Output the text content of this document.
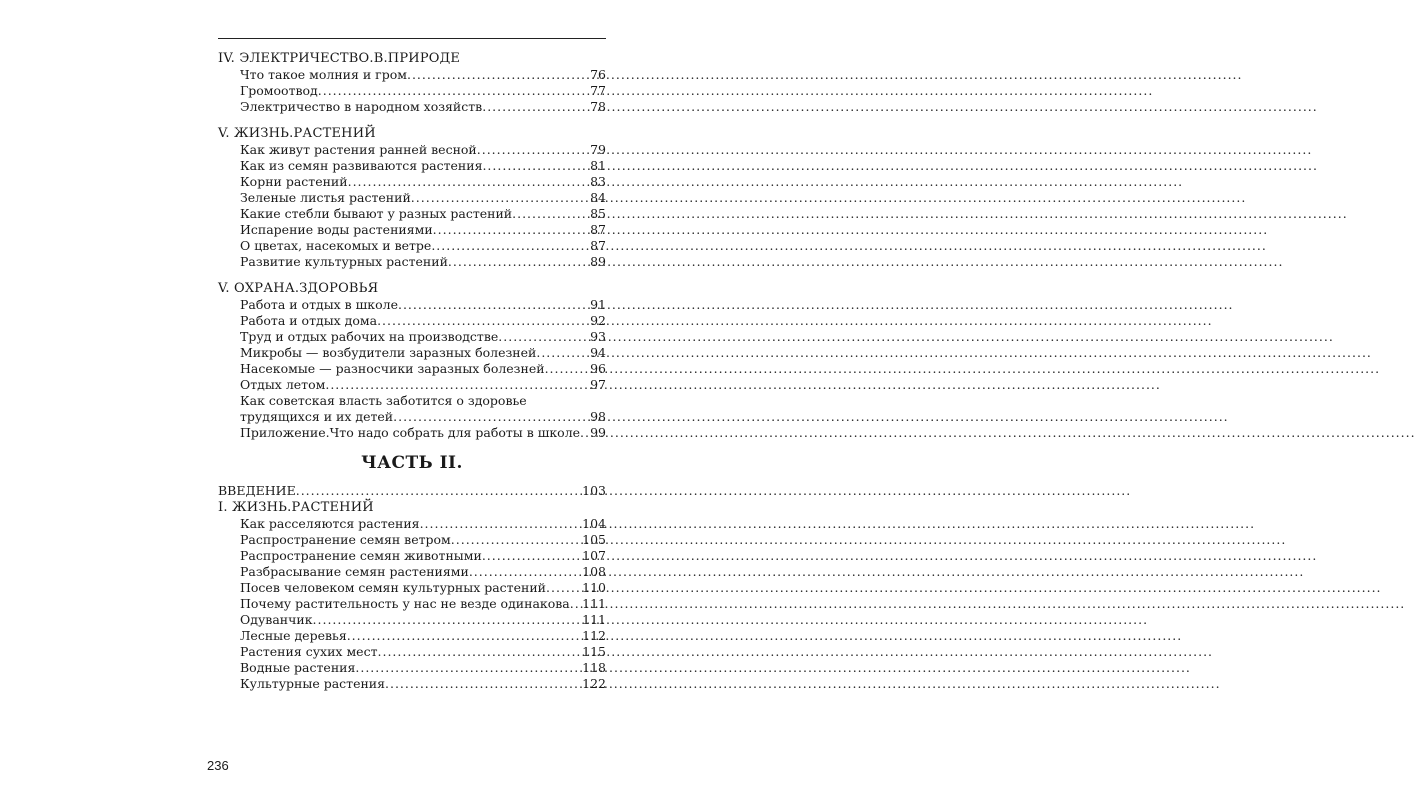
IV. ЭЛЕКТРИЧЕСТВО.В.ПРИРОДЕ
Что такое молния и гром .....	76
Громоотвод .....	77
Электричество в народном хозяйств .....	78
V. ЖИЗНЬ.РАСТЕНИЙ
Как живут растения ранней весной .....	79
Как из семян развиваются растения .....	81
Корни растений .....	83
Зеленые листья растений .....	84
Какие стебли бывают у разных растений .....	85
Испарение воды растениями .....	87
О цветах, насекомых и ветре .....	87
Развитие культурных растений .....	89
V. ОХРАНА.ЗДОРОВЬЯ
Работа и отдых в школе .....	91
Работа и отдых дома .....	92
Труд и отдых рабочих на производстве .....	93
Микробы — возбудители заразных болезней .....	94
Насекомые — разносчики заразных болезней .....	96
Отдых летом .....	97
Как советская власть заботится о здоровье
трудящихся и их детей .....	98
Приложение.Что надо собрать для работы в школе ..... 99
ЧАСТЬ II.
ВВЕДЕНИЕ .....	103
I. ЖИЗНЬ.РАСТЕНИЙ
Как расселяются растения .....	104
Распространение семян ветром .....	105
Распространение семян животными .....	107
Разбрасывание семян растениями .....	108
Посев человеком семян культурных растений .....	110
Почему растительность у нас не везде одинакова ..... 111
Одуванчик .....	111
Лесные деревья .....	112
Растения сухих мест .....	115
Водные растения .....	118
Культурные растения .....	122
236
